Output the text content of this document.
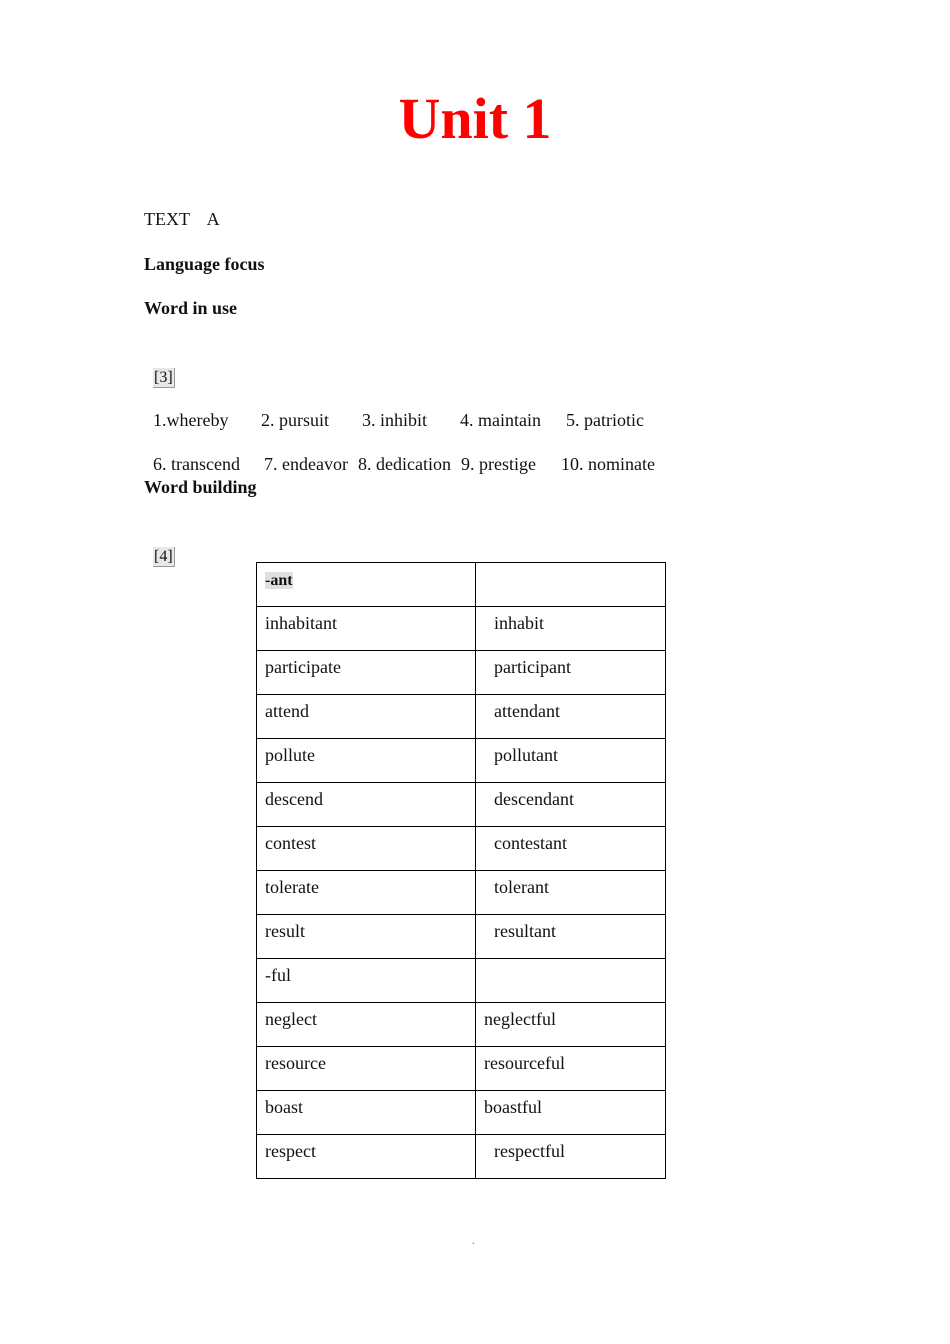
Unit 1
TEXT    A
Language focus
Word in use

[3]

1.whereby 2. pursuit 3. inhibit 4. maintain 5. patriotic

6. transcend 7. endeavor 8. dedication 9. prestige 10. nominate

Word building

[4]

-ant	
inhabitant	inhabit
participate	participant
attend	attendant
pollute	pollutant
descend	descendant
contest	contestant
tolerate	tolerant
result	resultant
-ful	
neglect	neglectful
resource	resourceful
boast	boastful
respect	respectful
.
